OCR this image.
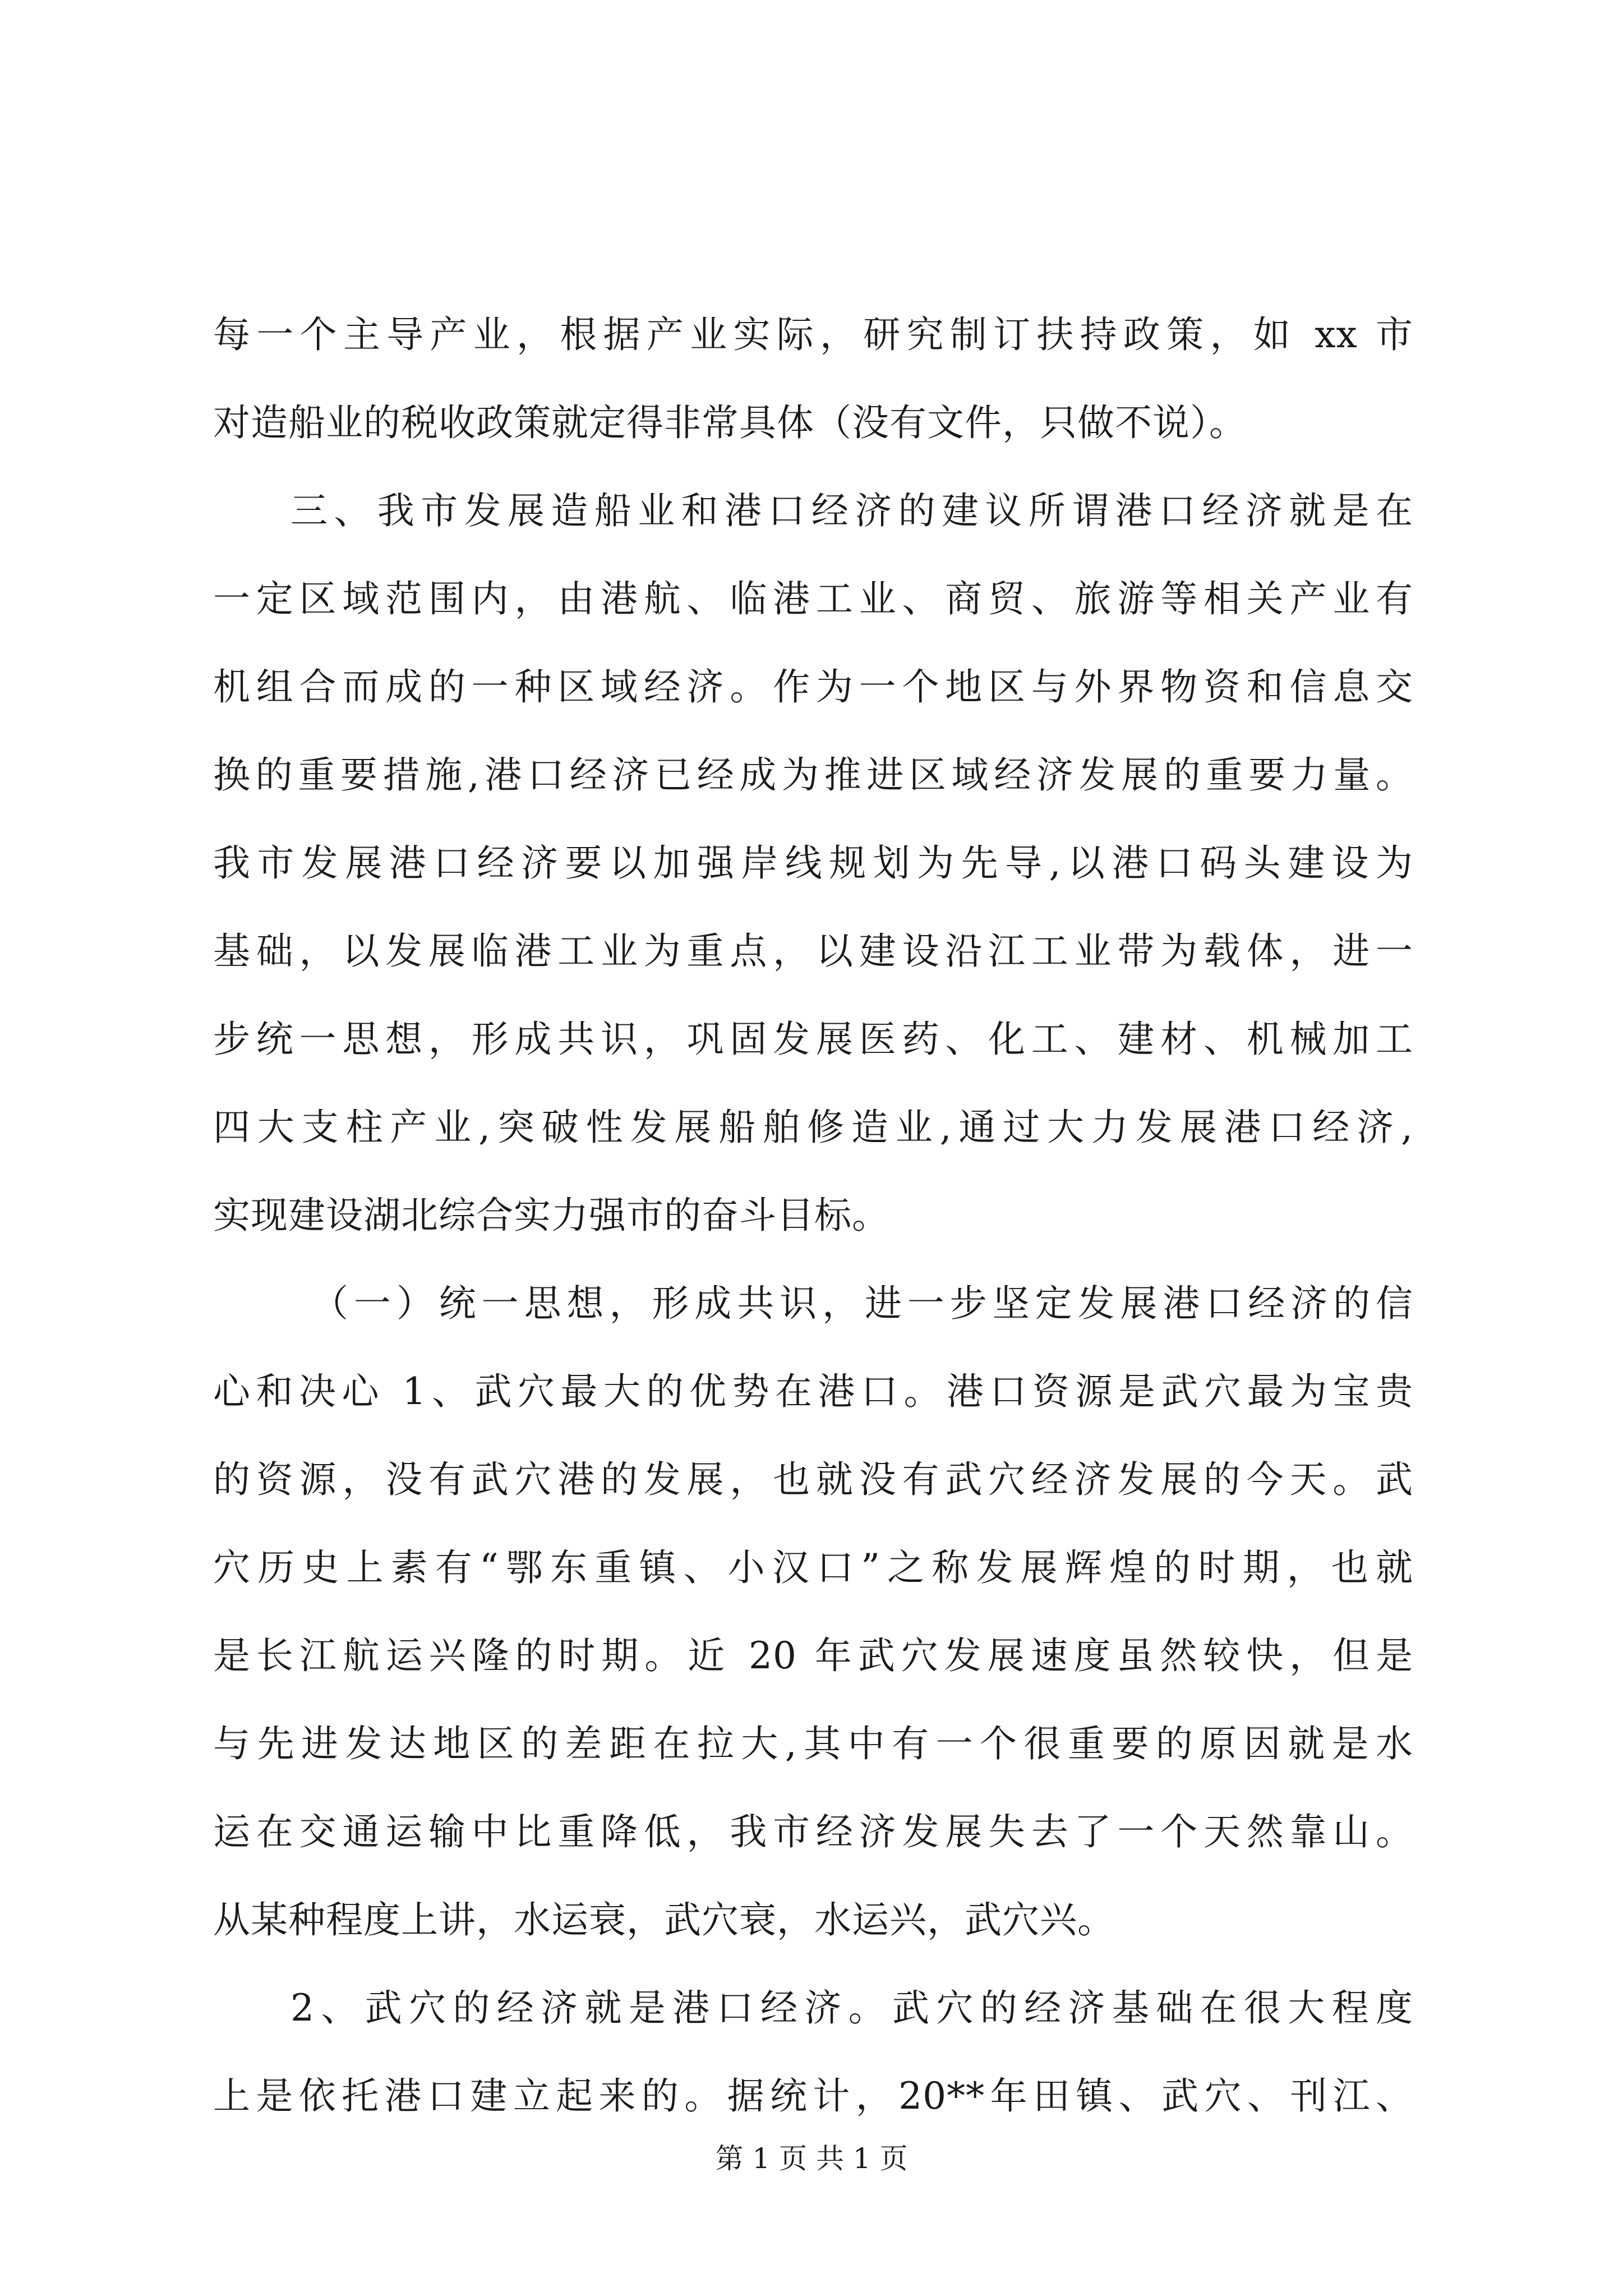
每一个主导产业，根据产业实际，研究制订扶持政策，如 xx 市
对造船业的税收政策就定得非常具体（没有文件，只做不说）。
三、我市发展造船业和港口经济的建议所谓港口经济就是在
一定区域范围内，由港航、临港工业、商贸、旅游等相关产业有
机组合而成的一种区域经济。作为一个地区与外界物资和信息交
换的重要措施,港口经济已经成为推进区域经济发展的重要力量。
我市发展港口经济要以加强岸线规划为先导,以港口码头建设为
基础，以发展临港工业为重点，以建设沿江工业带为载体，进一
步统一思想，形成共识，巩固发展医药、化工、建材、机械加工
四大支柱产业,突破性发展船舶修造业,通过大力发展港口经济,
实现建设湖北综合实力强市的奋斗目标。
（一）统一思想，形成共识，进一步坚定发展港口经济的信
心和决心 1、武穴最大的优势在港口。港口资源是武穴最为宝贵
的资源，没有武穴港的发展，也就没有武穴经济发展的今天。武
穴历史上素有“鄂东重镇、小汉口”之称发展辉煌的时期，也就
是长江航运兴隆的时期。近 20 年武穴发展速度虽然较快，但是
与先进发达地区的差距在拉大,其中有一个很重要的原因就是水
运在交通运输中比重降低，我市经济发展失去了一个天然靠山。
从某种程度上讲，水运衰，武穴衰，水运兴，武穴兴。
2、武穴的经济就是港口经济。武穴的经济基础在很大程度
上是依托港口建立起来的。据统计，20**年田镇、武穴、刊江、
第 1 页 共 1 页
